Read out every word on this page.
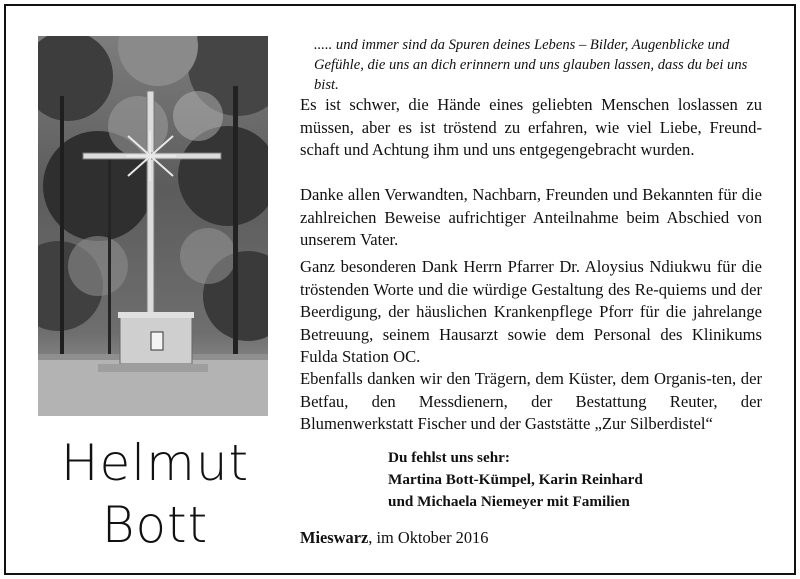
Helmut
Bott

..... und immer sind da Spuren deines Lebens – Bilder, Augenblicke und Gefühle, die uns an dich erinnern und uns glauben lassen, dass du bei uns bist.

Es ist schwer, die Hände eines geliebten Menschen loslassen zu müssen, aber es ist tröstend zu erfahren, wie viel Liebe, Freund-schaft und Achtung ihm und uns entgegengebracht wurden.

Danke allen Verwandten, Nachbarn, Freunden und Bekannten für die zahlreichen Beweise aufrichtiger Anteilnahme beim Abschied von unserem Vater.

Ganz besonderen Dank Herrn Pfarrer Dr. Aloysius Ndiukwu für die tröstenden Worte und die würdige Gestaltung des Re-quiems und der Beerdigung, der häuslichen Krankenpflege Pforr für die jahrelange Betreuung, seinem Hausarzt sowie dem Personal des Klinikums Fulda Station OC.

Ebenfalls danken wir den Trägern, dem Küster, dem Organis-ten, der Betfau, den Messdienern, der Bestattung Reuter, der Blumenwerkstatt Fischer und der Gaststätte „Zur Silberdistel“

Du fehlst uns sehr:
Martina Bott-Kümpel, Karin Reinhard
und Michaela Niemeyer mit Familien

Mieswarz, im Oktober 2016
